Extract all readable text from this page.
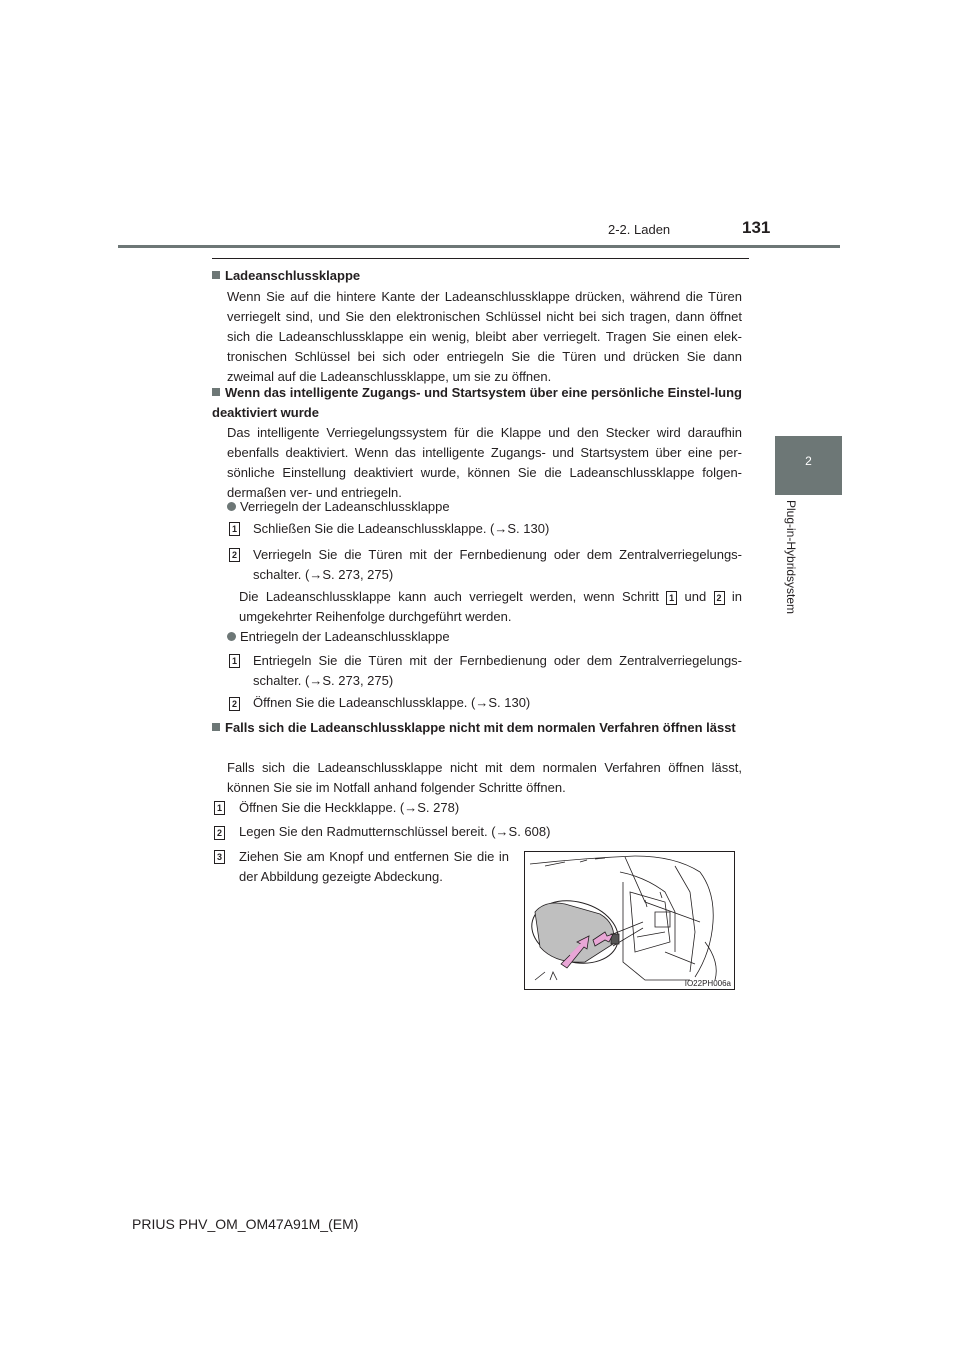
2-2. Laden	131
2
Plug-in-Hybridsystem

Ladeanschlussklappe

Wenn Sie auf die hintere Kante der Ladeanschlussklappe drücken, während die Türen verriegelt sind, und Sie den elektronischen Schlüssel nicht bei sich tragen, dann öffnet sich die Ladeanschlussklappe ein wenig, bleibt aber verriegelt. Tragen Sie einen elek-tronischen Schlüssel bei sich oder entriegeln Sie die Türen und drücken Sie dann zweimal auf die Ladeanschlussklappe, um sie zu öffnen.

Wenn das intelligente Zugangs- und Startsystem über eine persönliche Einstel-lung deaktiviert wurde

Das intelligente Verriegelungssystem für die Klappe und den Stecker wird daraufhin ebenfalls deaktiviert. Wenn das intelligente Zugangs- und Startsystem über eine per-sönliche Einstellung deaktiviert wurde, können Sie die Ladeanschlussklappe folgen-dermaßen ver- und entriegeln.

Verriegeln der Ladeanschlussklappe

1 Schließen Sie die Ladeanschlussklappe. (→S. 130)

2 Verriegeln Sie die Türen mit der Fernbedienung oder dem Zentralverriegelungs-schalter. (→S. 273, 275)

Die Ladeanschlussklappe kann auch verriegelt werden, wenn Schritt 1 und 2 in umgekehrter Reihenfolge durchgeführt werden.

Entriegeln der Ladeanschlussklappe

1 Entriegeln Sie die Türen mit der Fernbedienung oder dem Zentralverriegelungs-schalter. (→S. 273, 275)

2 Öffnen Sie die Ladeanschlussklappe. (→S. 130)

Falls sich die Ladeanschlussklappe nicht mit dem normalen Verfahren öffnen lässt

Falls sich die Ladeanschlussklappe nicht mit dem normalen Verfahren öffnen lässt, können Sie sie im Notfall anhand folgender Schritte öffnen.

1 Öffnen Sie die Heckklappe. (→S. 278)

2 Legen Sie den Radmutternschlüssel bereit. (→S. 608)

3 Ziehen Sie am Knopf und entfernen Sie die in der Abbildung gezeigte Abdeckung.

IO22PH006a
PRIUS PHV_OM_OM47A91M_(EM)
